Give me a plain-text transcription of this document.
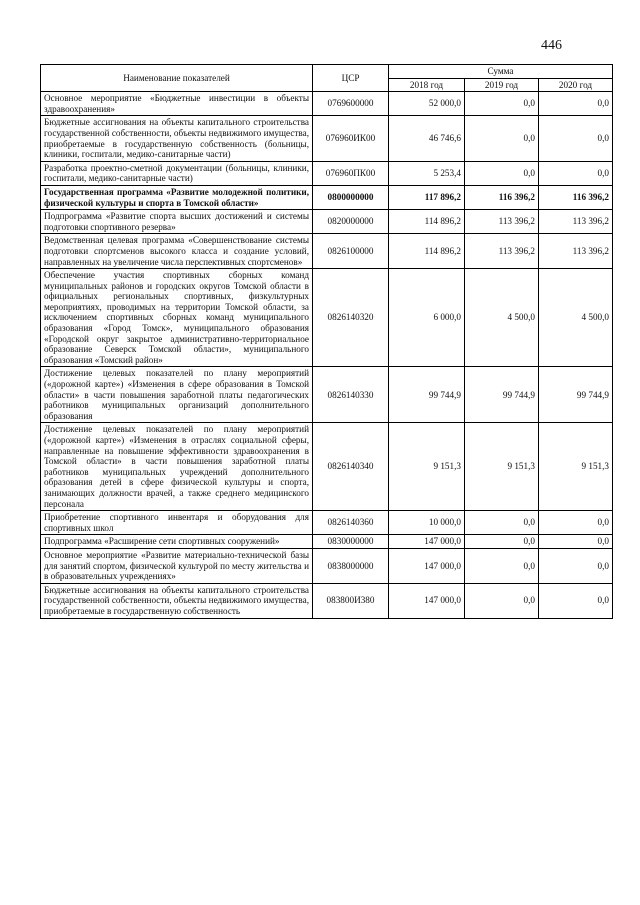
446
Наименование показателей	ЦСР	Сумма		
		2018 год	2019 год	2020 год
Основное мероприятие «Бюджетные инвестиции в объекты здравоохранения»	0769600000	52 000,0	0,0	0,0
Бюджетные ассигнования на объекты капитального строительства государственной собственности, объекты недвижимого имущества, приобретаемые в государственную собственность (больницы, клиники, госпитали, медико-санитарные части)	076960ИК00	46 746,6	0,0	0,0
Разработка проектно-сметной документации (больницы, клиники, госпитали, медико-санитарные части)	076960ПК00	5 253,4	0,0	0,0
Государственная программа «Развитие молодежной политики, физической культуры и спорта в Томской области»	0800000000	117 896,2	116 396,2	116 396,2
Подпрограмма «Развитие спорта высших достижений и системы подготовки спортивного резерва»	0820000000	114 896,2	113 396,2	113 396,2
Ведомственная целевая программа «Совершенствование системы подготовки спортсменов высокого класса и создание условий, направленных на увеличение числа перспективных спортсменов»	0826100000	114 896,2	113 396,2	113 396,2
Обеспечение участия спортивных сборных команд муниципальных районов и городских округов Томской области в официальных региональных спортивных, физкультурных мероприятиях, проводимых на территории Томской области, за исключением спортивных сборных команд муниципального образования «Город Томск», муниципального образования «Городской округ закрытое административно-территориальное образование Северск Томской области», муниципального образования «Томский район»	0826140320	6 000,0	4 500,0	4 500,0
Достижение целевых показателей по плану мероприятий («дорожной карте») «Изменения в сфере образования в Томской области» в части повышения заработной платы педагогических работников муниципальных организаций дополнительного образования	0826140330	99 744,9	99 744,9	99 744,9
Достижение целевых показателей по плану мероприятий («дорожной карте») «Изменения в отраслях социальной сферы, направленные на повышение эффективности здравоохранения в Томской области» в части повышения заработной платы работников муниципальных учреждений дополнительного образования детей в сфере физической культуры и спорта, занимающих должности врачей, а также среднего медицинского персонала	0826140340	9 151,3	9 151,3	9 151,3
Приобретение спортивного инвентаря и оборудования для спортивных школ	0826140360	10 000,0	0,0	0,0
Подпрограмма «Расширение сети спортивных сооружений»	0830000000	147 000,0	0,0	0,0
Основное мероприятие «Развитие материально-технической базы для занятий спортом, физической культурой по месту жительства и в образовательных учреждениях»	0838000000	147 000,0	0,0	0,0
Бюджетные ассигнования на объекты капитального строительства государственной собственности, объекты недвижимого имущества, приобретаемые в государственную собственность	083800И380	147 000,0	0,0	0,0
